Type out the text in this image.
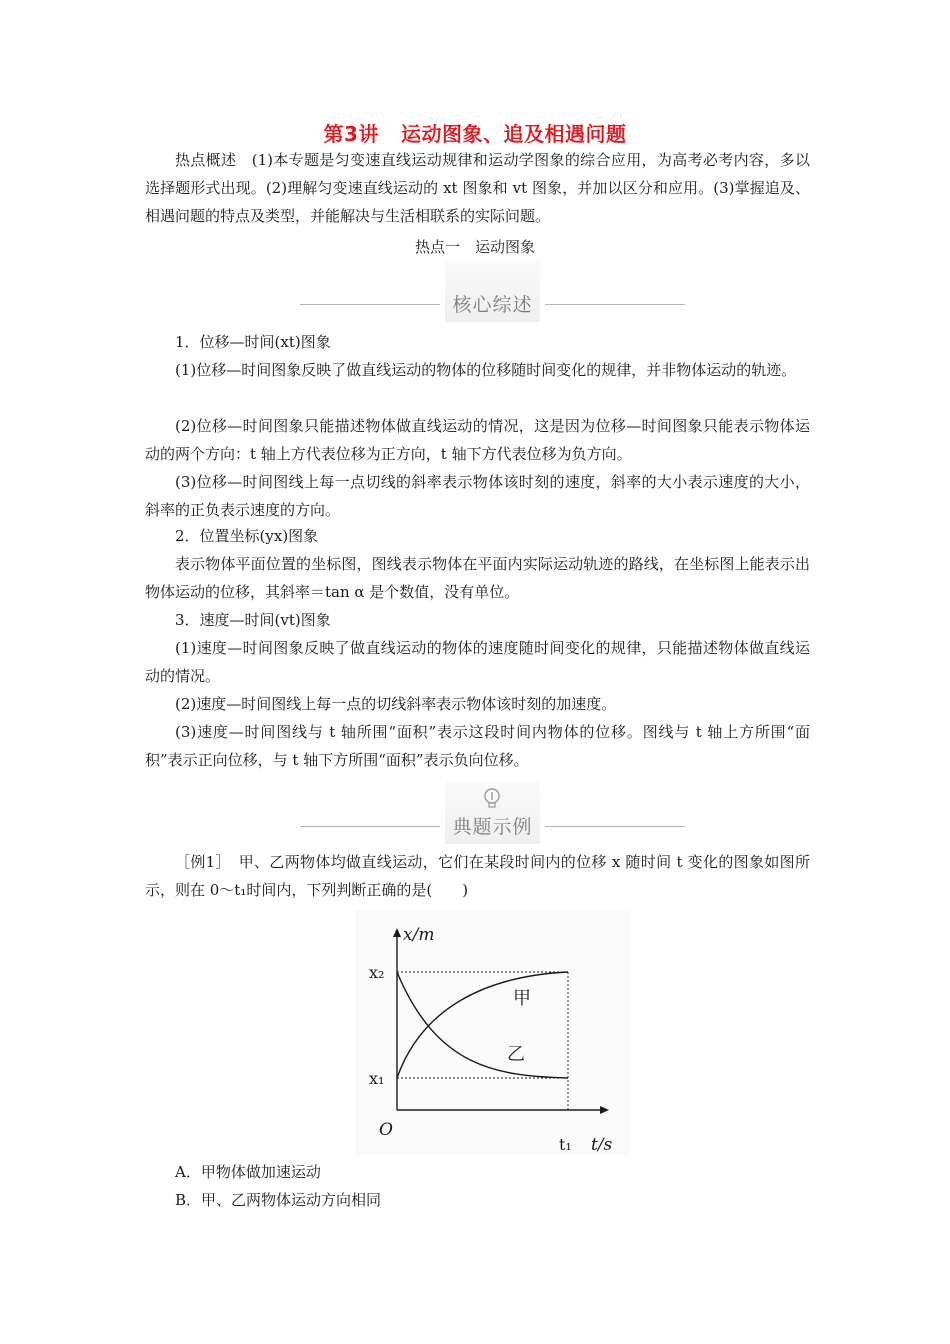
第3讲 运动图象、追及相遇问题
热点概述　(1)本专题是匀变速直线运动规律和运动学图象的综合应用，为高考必考内容，多以选择题形式出现。(2)理解匀变速直线运动的 xt 图象和 vt 图象，并加以区分和应用。(3)掌握追及、相遇问题的特点及类型，并能解决与生活相联系的实际问题。
热点一　运动图象
核心综述
1．位移—时间(xt)图象
(1)位移—时间图象反映了做直线运动的物体的位移随时间变化的规律，并非物体运动的轨迹。
(2)位移—时间图象只能描述物体做直线运动的情况，这是因为位移—时间图象只能表示物体运动的两个方向：t 轴上方代表位移为正方向，t 轴下方代表位移为负方向。
(3)位移—时间图线上每一点切线的斜率表示物体该时刻的速度，斜率的大小表示速度的大小，斜率的正负表示速度的方向。
2．位置坐标(yx)图象
表示物体平面位置的坐标图，图线表示物体在平面内实际运动轨迹的路线，在坐标图上能表示出物体运动的位移，其斜率＝tan α 是个数值，没有单位。
3．速度—时间(vt)图象
(1)速度—时间图象反映了做直线运动的物体的速度随时间变化的规律，只能描述物体做直线运动的情况。
(2)速度—时间图线上每一点的切线斜率表示物体该时刻的加速度。
(3)速度—时间图线与 t 轴所围“面积”表示这段时间内物体的位移。图线与 t 轴上方所围“面积”表示正向位移，与 t 轴下方所围“面积”表示负向位移。
典题示例
［例1］　甲、乙两物体均做直线运动，它们在某段时间内的位移 x 随时间 t 变化的图象如图所示，则在 0～t₁时间内，下列判断正确的是(　　)
x/m
t/s
O
t₁
x₁
x₂
甲
乙
A．甲物体做加速运动
B．甲、乙两物体运动方向相同
